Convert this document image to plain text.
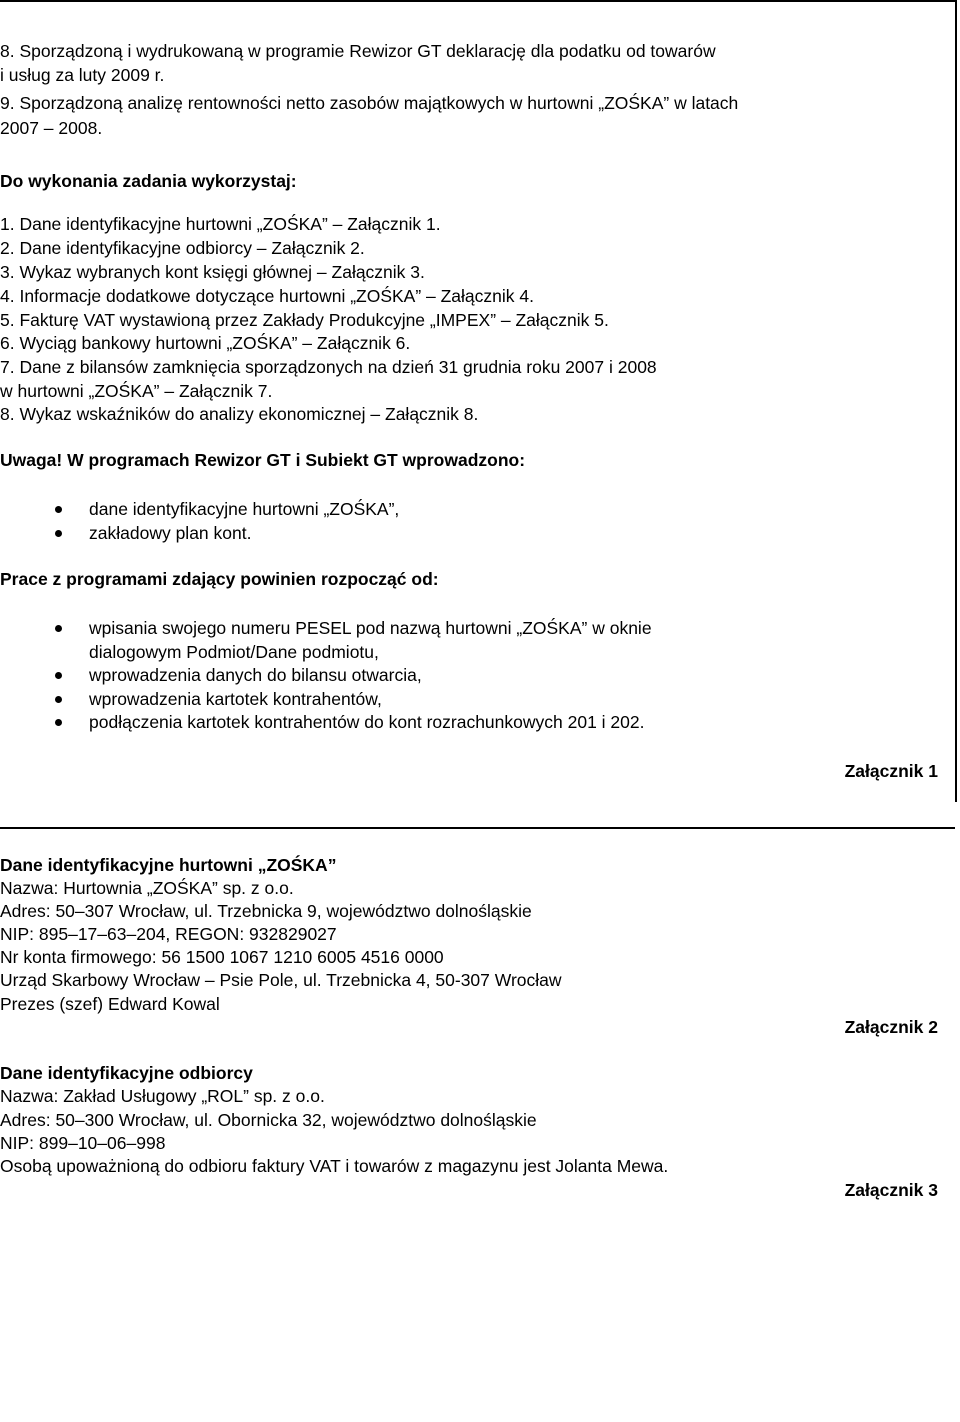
8. Sporządzoną i wydrukowaną w programie Rewizor GT deklarację dla podatku od towarów
i usług za luty 2009 r.
9. Sporządzoną analizę rentowności netto zasobów majątkowych w hurtowni „ZOŚKA” w latach
2007 – 2008.
Do wykonania zadania wykorzystaj:
1. Dane identyfikacyjne hurtowni „ZOŚKA” – Załącznik 1.
2. Dane identyfikacyjne odbiorcy – Załącznik 2.
3. Wykaz wybranych kont księgi głównej – Załącznik 3.
4. Informacje dodatkowe dotyczące hurtowni „ZOŚKA” – Załącznik 4.
5. Fakturę VAT wystawioną przez Zakłady Produkcyjne „IMPEX” – Załącznik 5.
6. Wyciąg bankowy hurtowni „ZOŚKA” – Załącznik 6.
7. Dane z bilansów zamknięcia sporządzonych na dzień 31 grudnia roku 2007 i 2008
w hurtowni „ZOŚKA” – Załącznik 7.
8. Wykaz wskaźników do analizy ekonomicznej – Załącznik 8.
Uwaga! W programach Rewizor GT i Subiekt GT wprowadzono:
dane identyfikacyjne hurtowni „ZOŚKA”,
zakładowy plan kont.
Prace z programami zdający powinien rozpocząć od:
wpisania swojego numeru PESEL pod nazwą hurtowni „ZOŚKA” w oknie
dialogowym Podmiot/Dane podmiotu,
wprowadzenia danych do bilansu otwarcia,
wprowadzenia kartotek kontrahentów,
podłączenia kartotek kontrahentów do kont rozrachunkowych 201 i 202.
Załącznik 1
Dane identyfikacyjne hurtowni „ZOŚKA”
Nazwa: Hurtownia „ZOŚKA” sp. z o.o.
Adres: 50–307 Wrocław, ul. Trzebnicka 9, województwo dolnośląskie
NIP: 895–17–63–204, REGON: 932829027
Nr konta firmowego: 56 1500 1067 1210 6005 4516 0000
Urząd Skarbowy Wrocław – Psie Pole, ul. Trzebnicka 4, 50-307 Wrocław
Prezes (szef) Edward Kowal
Załącznik 2
Dane identyfikacyjne odbiorcy
Nazwa: Zakład Usługowy „ROL” sp. z o.o.
Adres: 50–300 Wrocław, ul. Obornicka 32, województwo dolnośląskie
NIP: 899–10–06–998
Osobą upoważnioną do odbioru faktury VAT i towarów z magazynu jest Jolanta Mewa.
Załącznik 3
